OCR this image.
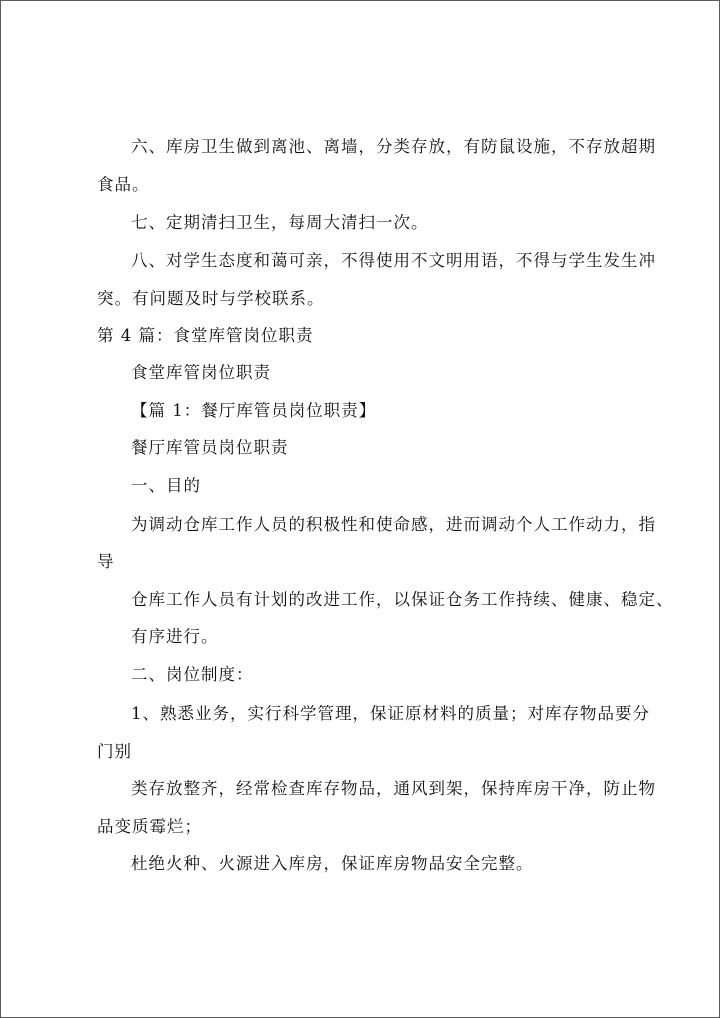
六、库房卫生做到离池、离墙，分类存放，有防鼠设施，不存放超期
食品。
七、定期清扫卫生，每周大清扫一次。
八、对学生态度和蔼可亲，不得使用不文明用语，不得与学生发生冲
突。有问题及时与学校联系。
第 4 篇：食堂库管岗位职责
食堂库管岗位职责
【篇 1：餐厅库管员岗位职责】
餐厅库管员岗位职责
一、目的
为调动仓库工作人员的积极性和使命感，进而调动个人工作动力，指
导
仓库工作人员有计划的改进工作，以保证仓务工作持续、健康、稳定、
有序进行。
二、岗位制度：
1、熟悉业务，实行科学管理，保证原材料的质量；对库存物品要分
门别
类存放整齐，经常检查库存物品，通风到架，保持库房干净，防止物
品变质霉烂；
杜绝火种、火源进入库房，保证库房物品安全完整。
